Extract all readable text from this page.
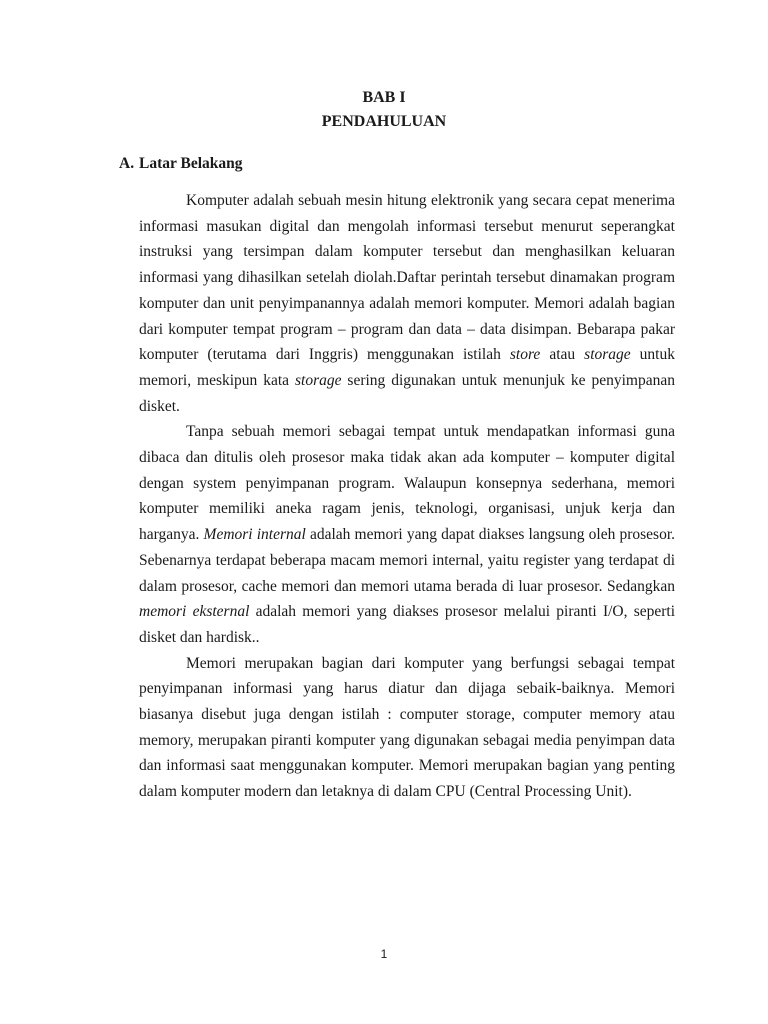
BAB I
PENDAHULUAN
A. Latar Belakang

Komputer adalah sebuah mesin hitung elektronik yang secara cepat menerima informasi masukan digital dan mengolah informasi tersebut menurut seperangkat instruksi yang tersimpan dalam komputer tersebut dan menghasilkan keluaran informasi yang dihasilkan setelah diolah.Daftar perintah tersebut dinamakan program komputer dan unit penyimpanannya adalah memori komputer. Memori adalah bagian dari komputer tempat program – program dan data – data disimpan. Bebarapa pakar komputer (terutama dari Inggris) menggunakan istilah store atau storage untuk memori, meskipun kata storage sering digunakan untuk menunjuk ke penyimpanan disket.

Tanpa sebuah memori sebagai tempat untuk mendapatkan informasi guna dibaca dan ditulis oleh prosesor maka tidak akan ada komputer – komputer digital dengan system penyimpanan program. Walaupun konsepnya sederhana, memori komputer memiliki aneka ragam jenis, teknologi, organisasi, unjuk kerja dan harganya. Memori internal adalah memori yang dapat diakses langsung oleh prosesor. Sebenarnya terdapat beberapa macam memori internal, yaitu register yang terdapat di dalam prosesor, cache memori dan memori utama berada di luar prosesor. Sedangkan memori eksternal adalah memori yang diakses prosesor melalui piranti I/O, seperti disket dan hardisk..

Memori merupakan bagian dari komputer yang berfungsi sebagai tempat penyimpanan informasi yang harus diatur dan dijaga sebaik-baiknya. Memori biasanya disebut juga dengan istilah : computer storage, computer memory atau memory, merupakan piranti komputer yang digunakan sebagai media penyimpan data dan informasi saat menggunakan komputer. Memori merupakan bagian yang penting dalam komputer modern dan letaknya di dalam CPU (Central Processing Unit).

1
